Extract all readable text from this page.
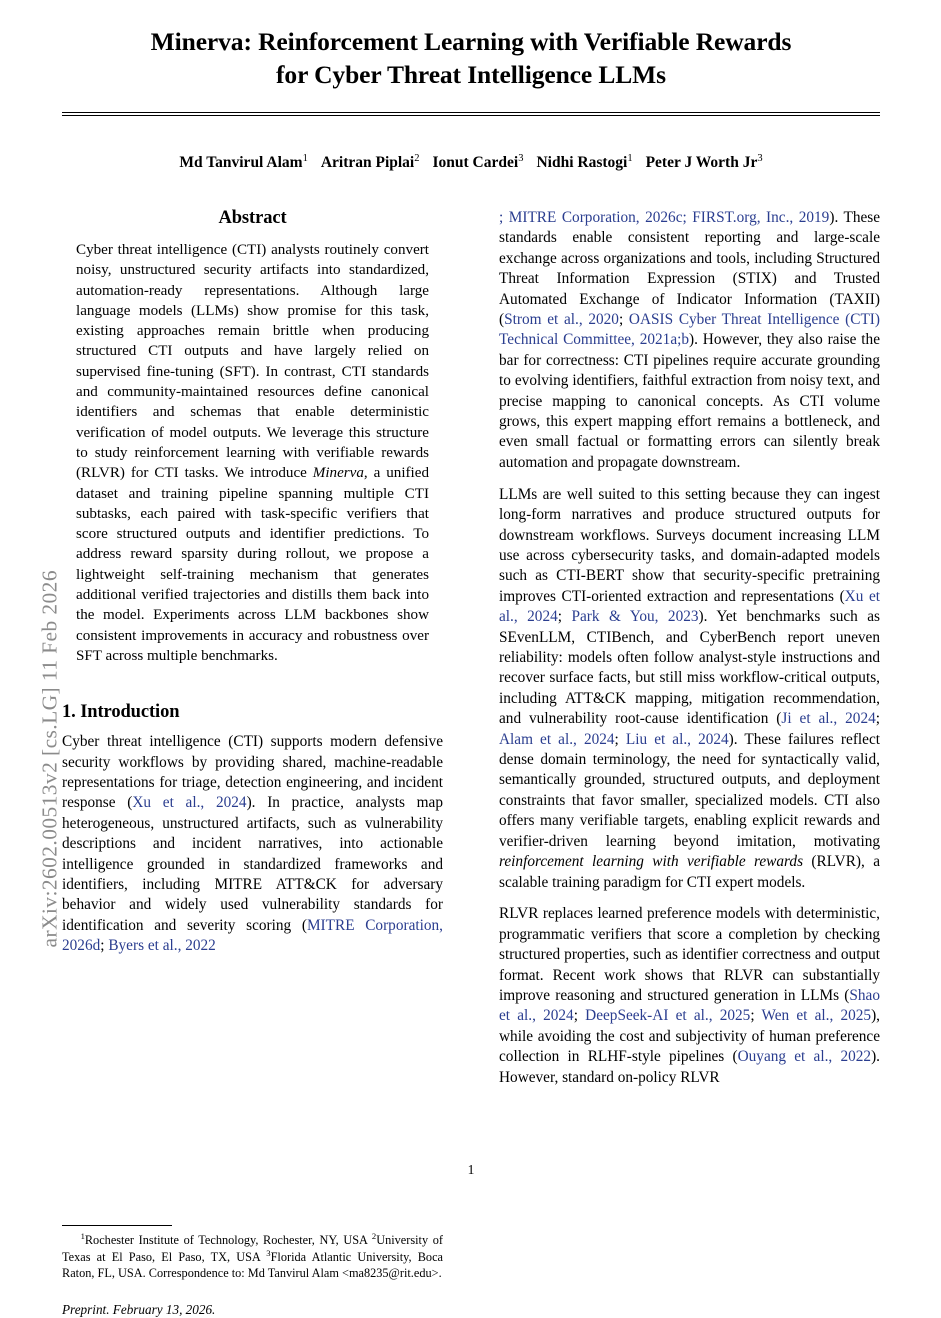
arXiv:2602.00513v2 [cs.LG] 11 Feb 2026
Minerva: Reinforcement Learning with Verifiable Rewards
for Cyber Threat Intelligence LLMs
Md Tanvirul Alam$^1$ Aritran Piplai$^2$ Ionut Cardei$^3$ Nidhi Rastogi$^1$ Peter J Worth Jr$^3$
Abstract

Cyber threat intelligence (CTI) analysts routinely convert noisy, unstructured security artifacts into standardized, automation-ready representations. Although large language models (LLMs) show promise for this task, existing approaches remain brittle when producing structured CTI outputs and have largely relied on supervised fine-tuning (SFT). In contrast, CTI standards and community-maintained resources define canonical identifiers and schemas that enable deterministic verification of model outputs. We leverage this structure to study reinforcement learning with verifiable rewards (RLVR) for CTI tasks. We introduce Minerva, a unified dataset and training pipeline spanning multiple CTI subtasks, each paired with task-specific verifiers that score structured outputs and identifier predictions. To address reward sparsity during rollout, we propose a lightweight self-training mechanism that generates additional verified trajectories and distills them back into the model. Experiments across LLM backbones show consistent improvements in accuracy and robustness over SFT across multiple benchmarks.

1. Introduction

Cyber threat intelligence (CTI) supports modern defensive security workflows by providing shared, machine-readable representations for triage, detection engineering, and incident response (Xu et al., 2024). In practice, analysts map heterogeneous, unstructured artifacts, such as vulnerability descriptions and incident narratives, into actionable intelligence grounded in standardized frameworks and identifiers, including MITRE ATT&CK for adversary behavior and widely used vulnerability standards for identification and severity scoring (MITRE Corporation, 2026d; Byers et al., 2022

$^1$Rochester Institute of Technology, Rochester, NY, USA $^2$University of Texas at El Paso, El Paso, TX, USA $^3$Florida Atlantic University, Boca Raton, FL, USA. Correspondence to: Md Tanvirul Alam <ma8235@rit.edu>.

Preprint. February 13, 2026.

; MITRE Corporation, 2026c; FIRST.org, Inc., 2019). These standards enable consistent reporting and large-scale exchange across organizations and tools, including Structured Threat Information Expression (STIX) and Trusted Automated Exchange of Indicator Information (TAXII) (Strom et al., 2020; OASIS Cyber Threat Intelligence (CTI) Technical Committee, 2021a;b). However, they also raise the bar for correctness: CTI pipelines require accurate grounding to evolving identifiers, faithful extraction from noisy text, and precise mapping to canonical concepts. As CTI volume grows, this expert mapping effort remains a bottleneck, and even small factual or formatting errors can silently break automation and propagate downstream.

LLMs are well suited to this setting because they can ingest long-form narratives and produce structured outputs for downstream workflows. Surveys document increasing LLM use across cybersecurity tasks, and domain-adapted models such as CTI-BERT show that security-specific pretraining improves CTI-oriented extraction and representations (Xu et al., 2024; Park & You, 2023). Yet benchmarks such as SEvenLLM, CTIBench, and CyberBench report uneven reliability: models often follow analyst-style instructions and recover surface facts, but still miss workflow-critical outputs, including ATT&CK mapping, mitigation recommendation, and vulnerability root-cause identification (Ji et al., 2024; Alam et al., 2024; Liu et al., 2024). These failures reflect dense domain terminology, the need for syntactically valid, semantically grounded, structured outputs, and deployment constraints that favor smaller, specialized models. CTI also offers many verifiable targets, enabling explicit rewards and verifier-driven learning beyond imitation, motivating reinforcement learning with verifiable rewards (RLVR), a scalable training paradigm for CTI expert models.

RLVR replaces learned preference models with deterministic, programmatic verifiers that score a completion by checking structured properties, such as identifier correctness and output format. Recent work shows that RLVR can substantially improve reasoning and structured generation in LLMs (Shao et al., 2024; DeepSeek-AI et al., 2025; Wen et al., 2025), while avoiding the cost and subjectivity of human preference collection in RLHF-style pipelines (Ouyang et al., 2022). However, standard on-policy RLVR

1
